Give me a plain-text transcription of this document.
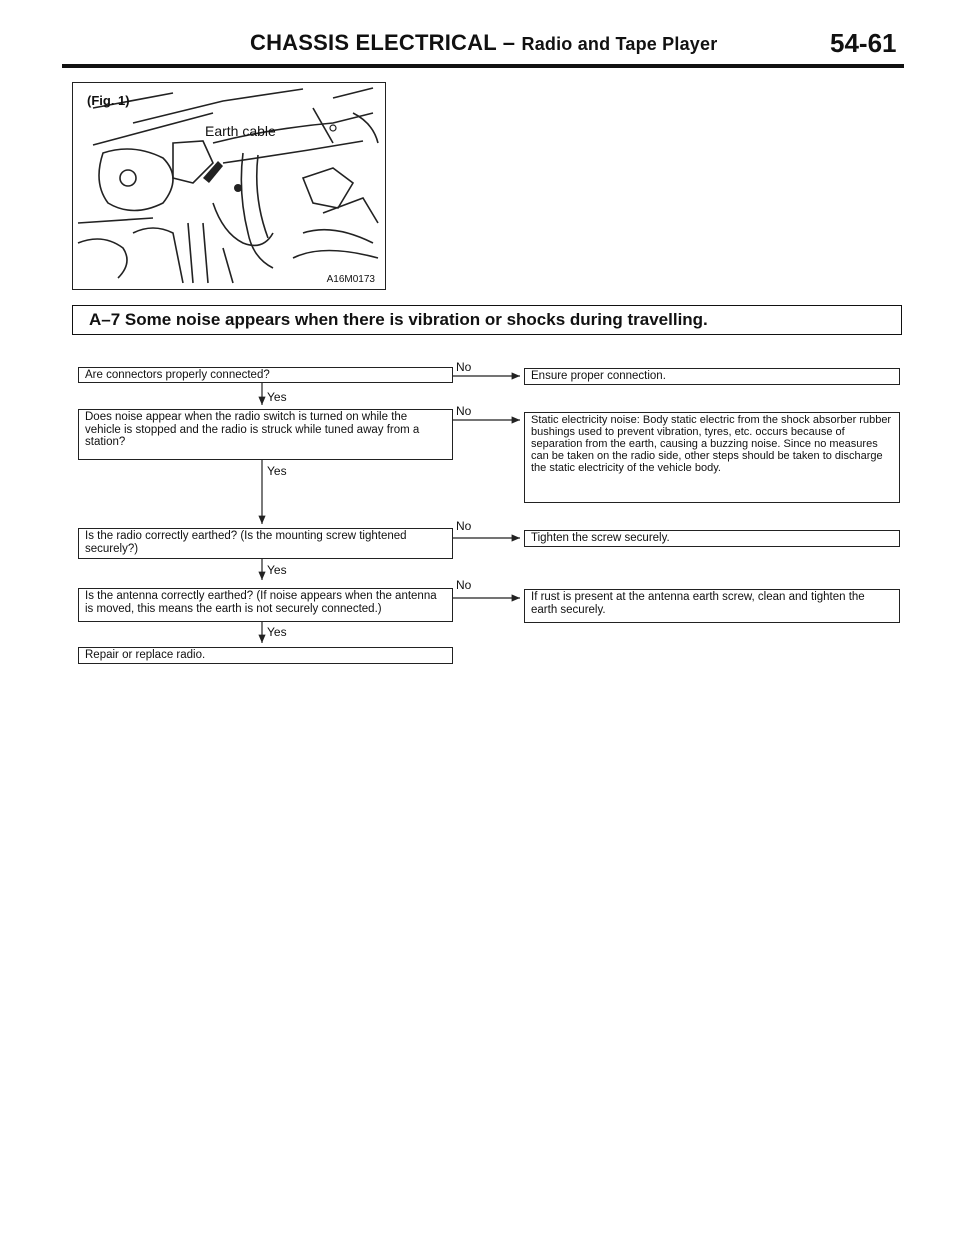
CHASSIS ELECTRICAL – Radio and Tape Player	54-61
(Fig. 1)
Earth cable
A16M0173
A–7 Some noise appears when there is vibration or shocks during travelling.
Are connectors properly connected?
Does noise appear when the radio switch is turned on while the vehicle is stopped and the radio is struck while tuned away from a station?
Is the radio correctly earthed? (Is the mounting screw tightened securely?)
Is the antenna correctly earthed? (If noise appears when the antenna is moved, this means the earth is not securely connected.)
Repair or replace radio.
Ensure proper connection.
Static electricity noise: Body static electric from the shock absorber rubber bushings used to prevent vibration, tyres, etc. occurs because of separation from the earth, causing a buzzing noise. Since no measures can be taken on the radio side, other steps should be taken to discharge the static electricity of the vehicle body.
Tighten the screw securely.
If rust is present at the antenna earth screw, clean and tighten the earth securely.
Yes
Yes
Yes
Yes
No
No
No
No
